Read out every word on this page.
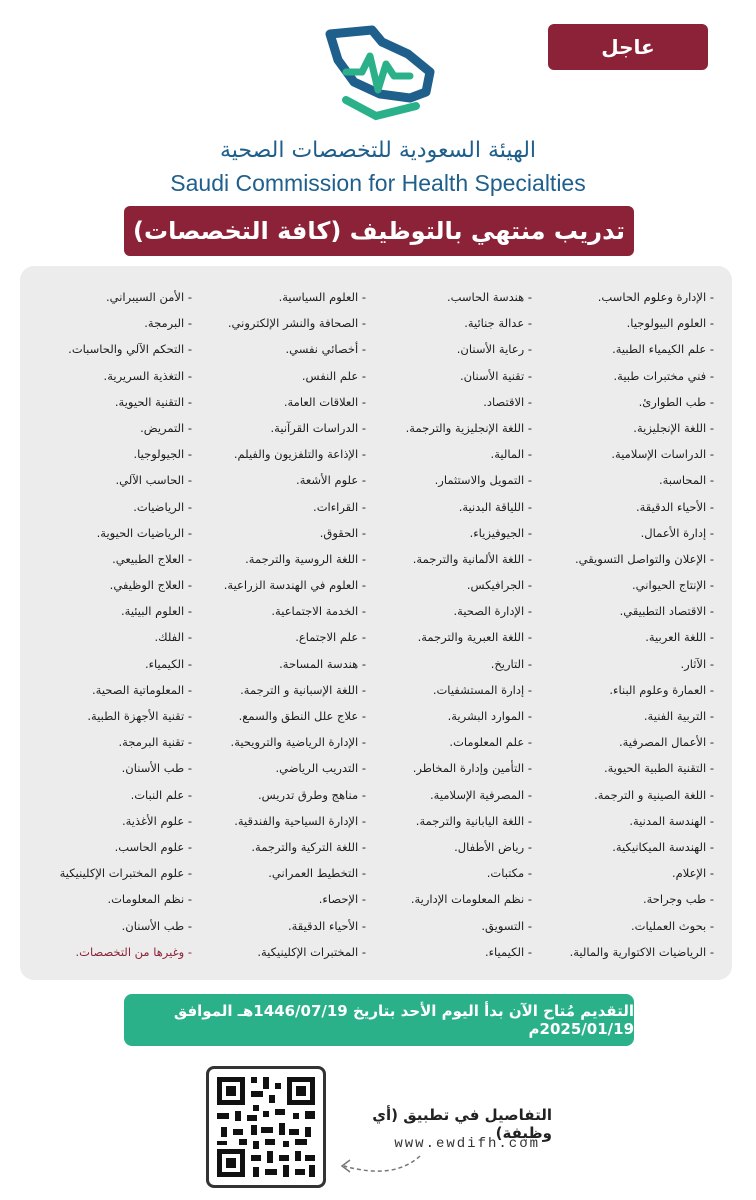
عاجل
الهيئة السعودية للتخصصات الصحية
Saudi Commission for Health Specialties
تدريب منتهي بالتوظيف (كافة التخصصات)
- الإدارة وعلوم الحاسب.
- العلوم البيولوجيا.
- علم الكيمياء الطبية.
- فني مختبرات طبية.
- طب الطوارئ.
- اللغة الإنجليزية.
- الدراسات الإسلامية.
- المحاسبة.
- الأحياء الدقيقة.
- إدارة الأعمال.
- الإعلان والتواصل التسويقي.
- الإنتاج الحيواني.
- الاقتصاد التطبيقي.
- اللغة العربية.
- الآثار.
- العمارة وعلوم البناء.
- التربية الفنية.
- الأعمال المصرفية.
- التقنية الطبية الحيوية.
- اللغة الصينية و الترجمة.
- الهندسة المدنية.
- الهندسة الميكانيكية.
- الإعلام.
- طب وجراحة.
- بحوث العمليات.
- الرياضيات الاكتوارية والمالية.
- هندسة الحاسب.
- عدالة جنائية.
- رعاية الأسنان.
- تقنية الأسنان.
- الاقتصاد.
- اللغة الإنجليزية والترجمة.
- المالية.
- التمويل والاستثمار.
- اللياقة البدنية.
- الجيوفيزياء.
- اللغة الألمانية والترجمة.
- الجرافيكس.
- الإدارة الصحية.
- اللغة العبرية والترجمة.
- التاريخ.
- إدارة المستشفيات.
- الموارد البشرية.
- علم المعلومات.
- التأمين وإدارة المخاطر.
- المصرفية الإسلامية.
- اللغة اليابانية والترجمة.
- رياض الأطفال.
- مكتبات.
- نظم المعلومات الإدارية.
- التسويق.
- الكيمياء.
- العلوم السياسية.
- الصحافة والنشر الإلكتروني.
- أخصائي نفسي.
- علم النفس.
- العلاقات العامة.
- الدراسات القرآنية.
- الإذاعة والتلفزيون والفيلم.
- علوم الأشعة.
- القراءات.
- الحقوق.
- اللغة الروسية والترجمة.
- العلوم في الهندسة الزراعية.
- الخدمة الاجتماعية.
- علم الاجتماع.
- هندسة المساحة.
- اللغة الإسبانية و الترجمة.
- علاج علل النطق والسمع.
- الإدارة الرياضية والترويحية.
- التدريب الرياضي.
- مناهج وطرق تدريس.
- الإدارة السياحية والفندقية.
- اللغة التركية والترجمة.
- التخطيط العمراني.
- الإحصاء.
- الأحياء الدقيقة.
- المختبرات الإكلينيكية.
- الأمن السيبراني.
- البرمجة.
- التحكم الآلي والحاسبات.
- التغذية السريرية.
- التقنية الحيوية.
- التمريض.
- الجيولوجيا.
- الحاسب الآلي.
- الرياضيات.
- الرياضيات الحيوية.
- العلاج الطبيعي.
- العلاج الوظيفي.
- العلوم البيئية.
- الفلك.
- الكيمياء.
- المعلوماتية الصحية.
- تقنية الأجهزة الطبية.
- تقنية البرمجة.
- طب الأسنان.
- علم النبات.
- علوم الأغذية.
- علوم الحاسب.
- علوم المختبرات الإكلينيكية
- نظم المعلومات.
- طب الأسنان.
- وغيرها من التخصصات.
التقديم مُتاح الآن بدأ اليوم الأحد بتاريخ 1446/07/19هـ الموافق 2025/01/19م
التفاصيل في تطبيق (أي وظيفة)
www.ewdifh.com
